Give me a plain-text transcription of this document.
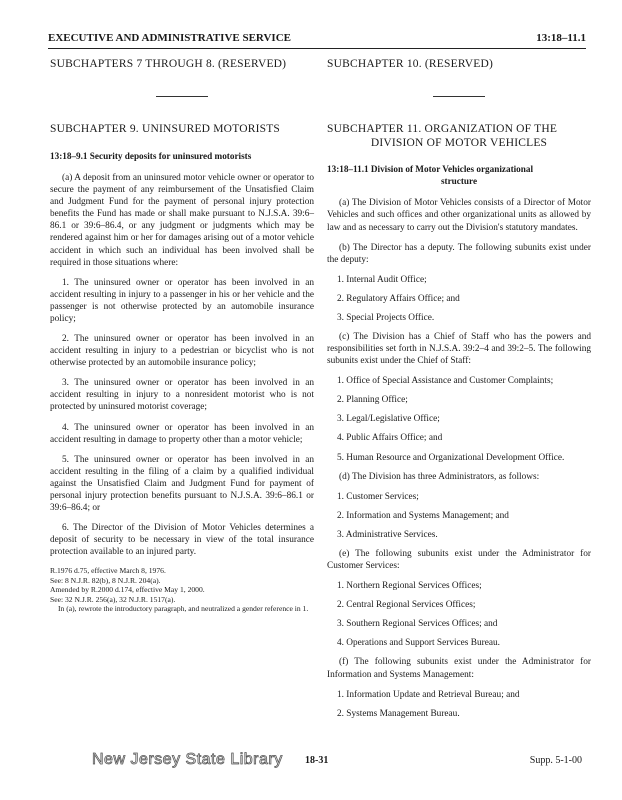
EXECUTIVE AND ADMINISTRATIVE SERVICE	13:18–11.1

SUBCHAPTERS 7 THROUGH 8. (RESERVED)

SUBCHAPTER 9. UNINSURED MOTORISTS

13:18–9.1 Security deposits for uninsured motorists

(a) A deposit from an uninsured motor vehicle owner or operator to secure the payment of any reimbursement of the Unsatisfied Claim and Judgment Fund for the payment of personal injury protection benefits the Fund has made or shall make pursuant to N.J.S.A. 39:6–86.1 or 39:6–86.4, or any judgment or judgments which may be rendered against him or her for damages arising out of a motor vehicle accident in which such an individual has been involved shall be required in those situations where:

1. The uninsured owner or operator has been involved in an accident resulting in injury to a passenger in his or her vehicle and the passenger is not otherwise protected by an automobile insurance policy;

2. The uninsured owner or operator has been involved in an accident resulting in injury to a pedestrian or bicyclist who is not otherwise protected by an automobile insurance policy;

3. The uninsured owner or operator has been involved in an accident resulting in injury to a nonresident motorist who is not protected by uninsured motorist coverage;

4. The uninsured owner or operator has been involved in an accident resulting in damage to property other than a motor vehicle;

5. The uninsured owner or operator has been involved in an accident resulting in the filing of a claim by a qualified individual against the Unsatisfied Claim and Judgment Fund for payment of personal injury protection benefits pursuant to N.J.S.A. 39:6–86.1 or 39:6–86.4; or

6. The Director of the Division of Motor Vehicles determines a deposit of security to be necessary in view of the total insurance protection available to an injured party.

R.1976 d.75, effective March 8, 1976.

See: 8 N.J.R. 82(b), 8 N.J.R. 204(a).

Amended by R.2000 d.174, effective May 1, 2000.

See: 32 N.J.R. 256(a), 32 N.J.R. 1517(a).

In (a), rewrote the introductory paragraph, and neutralized a gender reference in 1.

SUBCHAPTER 10. (RESERVED)

SUBCHAPTER 11. ORGANIZATION OF THE

DIVISION OF MOTOR VEHICLES

13:18–11.1 Division of Motor Vehicles organizational
structure

(a) The Division of Motor Vehicles consists of a Director of Motor Vehicles and such offices and other organizational units as allowed by law and as necessary to carry out the Division's statutory mandates.

(b) The Director has a deputy. The following subunits exist under the deputy:

1. Internal Audit Office;
2. Regulatory Affairs Office; and
3. Special Projects Office.

(c) The Division has a Chief of Staff who has the powers and responsibilities set forth in N.J.S.A. 39:2–4 and 39:2–5. The following subunits exist under the Chief of Staff:

1. Office of Special Assistance and Customer Complaints;
2. Planning Office;
3. Legal/Legislative Office;
4. Public Affairs Office; and
5. Human Resource and Organizational Development Office.

(d) The Division has three Administrators, as follows:

1. Customer Services;
2. Information and Systems Management; and
3. Administrative Services.

(e) The following subunits exist under the Administrator for Customer Services:

1. Northern Regional Services Offices;
2. Central Regional Services Offices;
3. Southern Regional Services Offices; and
4. Operations and Support Services Bureau.

(f) The following subunits exist under the Administrator for Information and Systems Management:

1. Information Update and Retrieval Bureau; and
2. Systems Management Bureau.
New Jersey State Library 18-31	Supp. 5-1-00
